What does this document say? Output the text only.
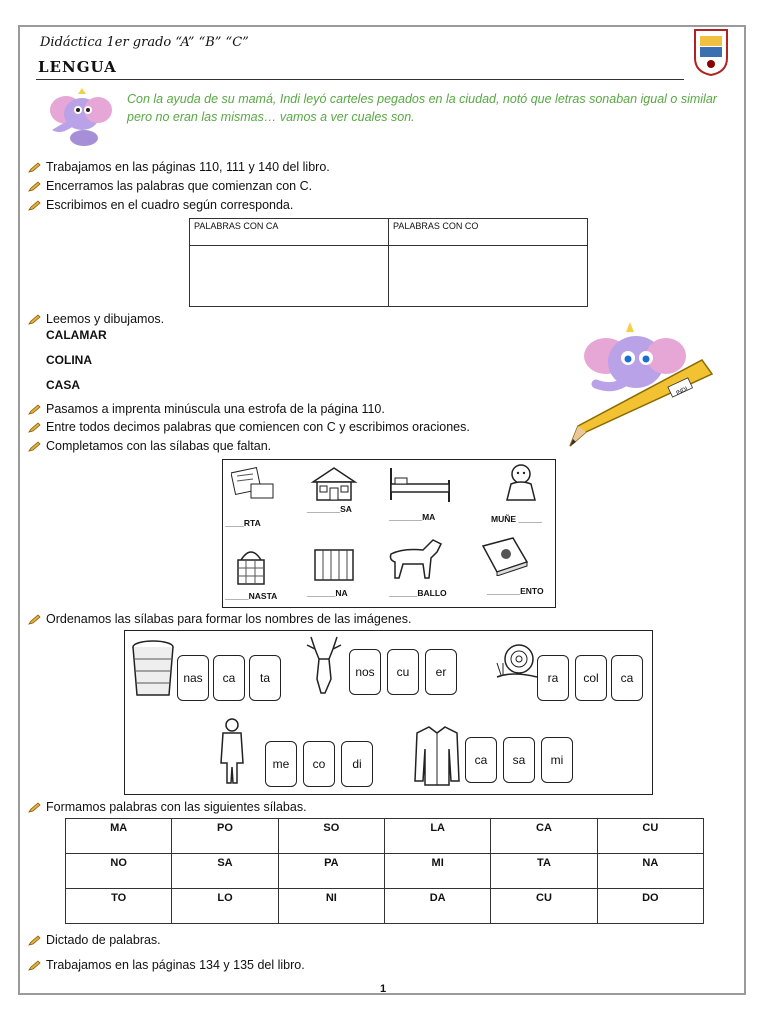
Didáctica 1er grado “A” “B” “C”
LENGUA
Con la ayuda de su mamá, Indi leyó carteles pegados en la ciudad, notó que letras sonaban igual o similar pero no eran las mismas… vamos a ver cuales son.
Trabajamos en las páginas 110, 111 y 140 del libro.
Encerramos las palabras que comienzan con C.
Escribimos en el cuadro según corresponda.
PALABRAS CON CA	PALABRAS CON CO

Leemos y dibujamos.
CALAMAR
COLINA
CASA	INDI
Pasamos a imprenta minúscula una estrofa de la página 110.
Entre todos decimos palabras que comiencen con C y escribimos oraciones.
Completamos con las sílabas que faltan.
____RTA
_______SA
_______MA	MUÑE _____
_____NASTA	______NA	______BALLO	_______ENTO
Ordenamos las sílabas para formar los nombres de las imágenes.
nas	ca	ta	nos	cu	er	ra	col	ca
me	co	di	ca	sa	mi
Formamos palabras con las siguientes sílabas.
MA	PO	SO	LA	CA	CU
NO	SA	PA	MI	TA	NA
TO	LO	NI	DA	CU	DO
Dictado de palabras.
Trabajamos en las páginas 134 y 135 del libro.
1
